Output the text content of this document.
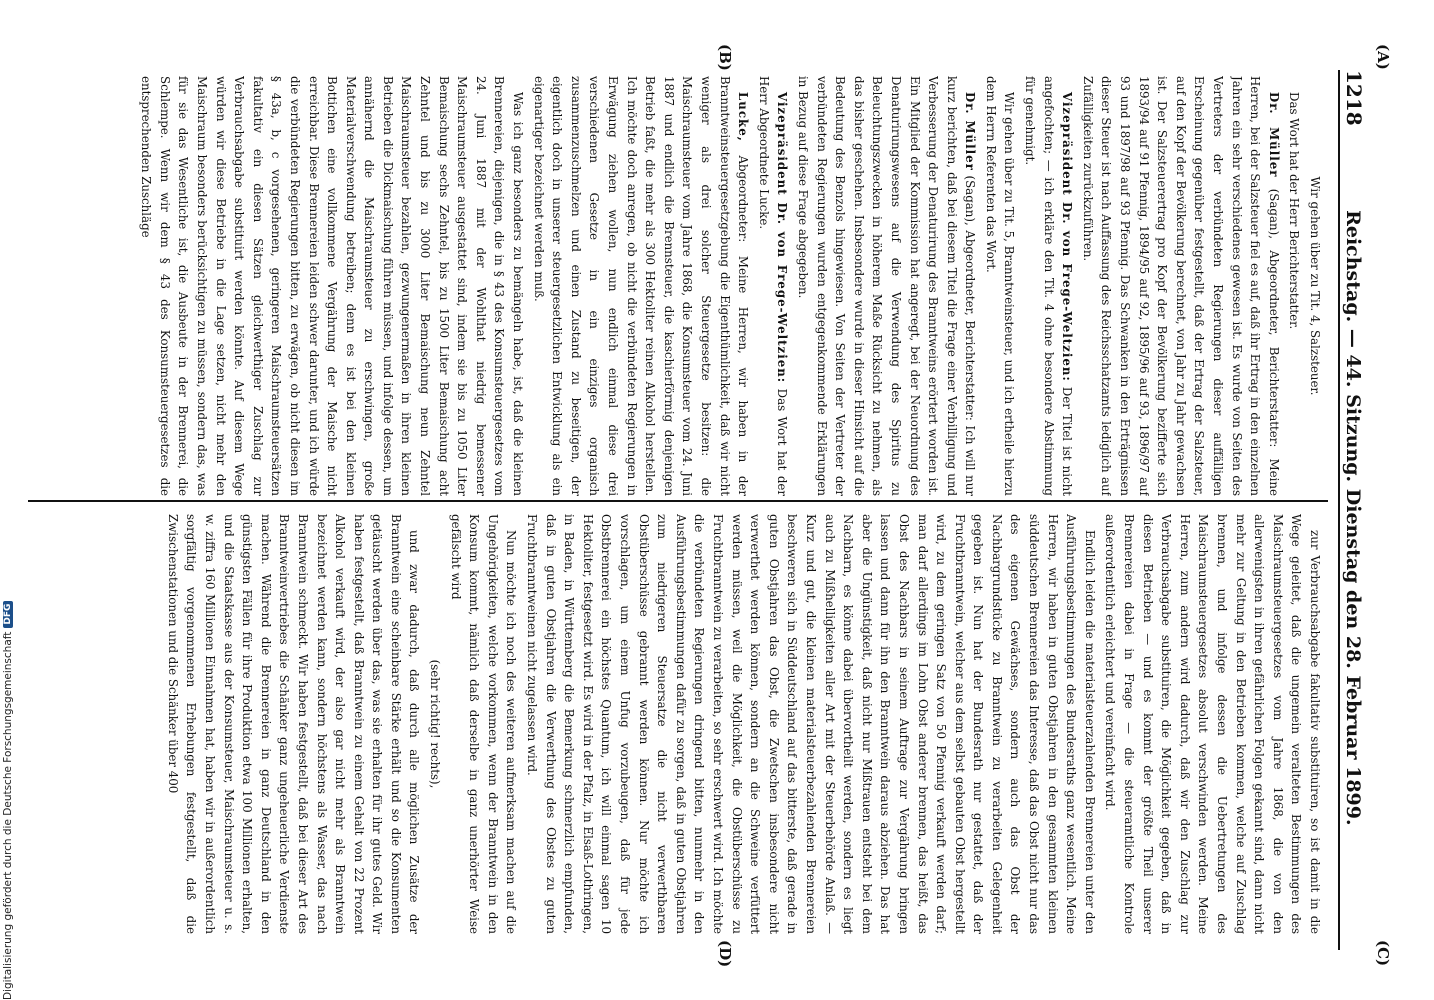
1218
Reichstag. — 44. Sitzung. Dienstag den 28. Februar 1899.
(A)
(B)
(C)
(D)

Wir gehen über zu Tit. 4, Salzsteuer.

Das Wort hat der Herr Berichterstatter.

Dr. Müller (Sagan), Abgeordneter, Berichterstatter: Meine Herren, bei der Salzsteuer fiel es auf, daß ihr Ertrag in den einzelnen Jahren ein sehr verschiedenes gewesen ist. Es wurde von Seiten des Vertreters der verbündeten Regierungen dieser auffälligen Erscheinung gegenüber festgestellt, daß der Ertrag der Salzsteuer, auf den Kopf der Bevölkerung berechnet, von Jahr zu Jahr gewachsen ist. Der Salzsteuerertrag pro Kopf der Bevölkerung bezifferte sich 1893/94 auf 91 Pfennig, 1894/95 auf 92, 1895/96 auf 93, 1896/97 auf 93 und 1897/98 auf 93 Pfennig. Das Schwanken in den Erträgnissen dieser Steuer ist nach Auffassung des Reichsschatzamts lediglich auf Zufälligkeiten zurückzuführen.

Vizepräsident Dr. von Frege-Weltzien: Der Titel ist nicht angefochten; — ich erkläre den Tit. 4 ohne besondere Abstimmung für genehmigt.

Wir gehen über zu Tit. 5, Branntweinsteuer, und ich ertheile hierzu dem Herrn Referenten das Wort.

Dr. Müller (Sagan), Abgeordneter, Berichterstatter: Ich will nur kurz berichten, daß bei diesem Titel die Frage einer Verbilligung und Verbesserung der Denaturirung des Branntweins erörtert worden ist. Ein Mitglied der Kommission hat angeregt, bei der Neuordnung des Denaturirungswesens auf die Verwendung des Spiritus zu Beleuchtungszwecken in höherem Maße Rücksicht zu nehmen, als das bisher geschehen. Insbesondere wurde in dieser Hinsicht auf die Bedeutung des Benzols hingewiesen. Von Seiten der Vertreter der verbündeten Regierungen wurden entgegenkommende Erklärungen in Bezug auf diese Frage abgegeben.

Vizepräsident Dr. von Frege-Weltzien: Das Wort hat der Herr Abgeordnete Lucke.

Lucke, Abgeordneter: Meine Herren, wir haben in der Branntweinsteuergesetzgebung die Eigenthümlichkeit, daß wir nicht weniger als drei solcher Steuergesetze besitzen: die Maischraumsteuer vom Jahre 1868, die Konsumsteuer vom 24. Juni 1887 und endlich die Brennsteuer, die kaschierförmig denjenigen Betrieb faßt, die mehr als 300 Hektoliter reinen Alkohol herstellen. Ich möchte doch anregen, ob nicht die verbündeten Regierungen in Erwägung ziehen wollen, nun endlich einmal diese drei verschiedenen Gesetze in ein einziges organisch zusammenzuschmelzen und einen Zustand zu beseitigen, der eigentlich doch in unserer steuergesetzlichen Entwicklung als ein eigenartiger bezeichnet werden muß.

Was ich ganz besonders zu bemängeln habe, ist, daß die kleinen Brennereien, diejenigen, die in § 43 des Konsumsteuergesetzes vom 24. Juni 1887 mit der Wohlthat niedrig bemessener Maischraumsteuer ausgestattet sind, indem sie bis zu 1050 Liter Bemaischung sechs Zehntel, bis zu 1500 Liter Bemaischung acht Zehntel und bis zu 3000 Liter Bemaischung neun Zehntel Maischraumsteuer bezahlen, gezwungenermaßen in ihren kleinen Betrieben die Dickmaischung führen müssen, und infolge dessen, um annähernd die Maischraumsteuer zu erschwingen, große Materialverschwendung betreiben; denn es ist bei den kleinen Bottichen eine vollkommene Vergährung der Maische nicht erreichbar. Diese Brennereien leiden schwer darunter, und ich würde die verbündeten Regierungen bitten, zu erwägen, ob nicht diesen im § 43a, b, c vorgesehenen, geringeren Maischraumsteuersätzen fakultativ ein diesen Sätzen gleichwerthiger Zuschlag zur Verbrauchsabgabe substituirt werden könnte. Auf diesem Wege würden wir diese Betriebe in die Lage setzen, nicht mehr den Maischraum besonders berücksichtigen zu müssen, sondern das, was für sie das Wesentliche ist, die Ausbeute in der Brennerei, die Schlempe. Wenn wir dem § 43 des Konsumsteuergesetzes die entsprechenden Zuschläge

zur Verbrauchsabgabe fakultativ substituiren, so ist damit in die Wege geleitet, daß die ungemein veralteten Bestimmungen des Maischraumsteuergesetzes vom Jahre 1868, die von den allerwenigsten in ihren gefährlichen Folgen gekannt sind, dann nicht mehr zur Geltung in den Betrieben kommen, welche auf Zuschlag brennen, und infolge dessen die Uebertretungen des Maischraumsteuergesetzes absolut verschwinden werden. Meine Herren, zum andern wird dadurch, daß wir den Zuschlag zur Verbrauchsabgabe substituiren, die Möglichkeit gegeben, daß in diesen Betrieben — und es kommt der größte Theil unserer Brennereien dabei in Frage — die steueramtliche Kontrole außerordentlich erleichtert und vereinfacht wird.

Endlich leiden die materialsteuerzahlenden Brennereien unter den Ausführungsbestimmungen des Bundesraths ganz wesentlich. Meine Herren, wir haben in guten Obstjahren in den gesammten kleinen süddeutschen Brennereien das Interesse, daß das Obst nicht nur das des eigenen Gewächses, sondern auch das Obst der Nachbargrundstücke zu Branntwein zu verarbeiten Gelegenheit gegeben ist. Nun hat der Bundesrath nur gestattet, daß der Fruchtbranntwein, welcher aus dem selbst gebauten Obst hergestellt wird, zu dem geringen Satz von 50 Pfennig verkauft werden darf; man darf allerdings im Lohn Obst anderer brennen, das heißt, das Obst des Nachbars in seinem Auftrage zur Vergährung bringen lassen und dann für ihn den Branntwein daraus abziehen. Das hat aber die Ungünstigkeit, daß nicht nur Mißtrauen entsteht bei dem Nachbarn, es könne dabei übervortheilt werden, sondern es liegt auch zu Mißhelligkeiten aller Art mit der Steuerbehörde Anlaß. — Kurz und gut, die kleinen materialsteuerbezahlenden Brennereien beschweren sich in Süddeutschland auf das bitterste, daß gerade in guten Obstjahren das Obst, die Zwetschen insbesondere nicht verwerthet werden können, sondern an die Schweine verfüttert werden müssen, weil die Möglichkeit, die Obstüberschüsse zu Fruchtbranntwein zu verarbeiten, so sehr erschwert wird. Ich möchte die verbündeten Regierungen dringend bitten, nunmehr in den Ausführungsbestimmungen dafür zu sorgen, daß in guten Obstjahren zum niedrigeren Steuersatze die nicht verwerthbaren Obstüberschüsse gebrannt werden können. Nur möchte ich vorschlagen, um einem Unfug vorzubeugen, daß für jede Obstbrennerei ein höchstes Quantum, ich will einmal sagen 10 Hektoliter, festgesetzt wird. Es wird in der Pfalz, in Elsaß-Lothringen, in Baden, in Württemberg die Bemerkung schmerzlich empfunden, daß in guten Obstjahren die Verwerthung des Obstes zu guten Fruchtbranntweinen nicht zugelassen wird.

Nun möchte ich noch des weiteren aufmerksam machen auf die Ungehörigkeiten, welche vorkommen, wenn der Branntwein in den Konsum kommt, nämlich daß derselbe in ganz unerhörter Weise gefälscht wird

(sehr richtig! rechts),

und zwar dadurch, daß durch alle möglichen Zusätze der Branntwein eine scheinbare Stärke erhält und so die Konsumenten getäuscht werden über das, was sie erhalten für ihr gutes Geld. Wir haben festgestellt, daß Branntwein zu einem Gehalt von 22 Prozent Alkohol verkauft wird, der also gar nicht mehr als Branntwein bezeichnet werden kann, sondern höchstens als Wasser, das nach Branntwein schmeckt. Wir haben festgestellt, daß bei dieser Art des Branntweinvertriebes die Schänker ganz ungeheuerliche Verdienste machen. Während die Brennereien in ganz Deutschland in den günstigsten Fällen für ihre Produktion etwa 100 Millionen erhalten, und die Staatskasse aus der Konsumsteuer, Maischraumsteuer u. s. w. ziffra 160 Millionen Einnahmen hat, haben wir in außerordentlich sorgfältig vorgenommenen Erhebungen festgestellt, daß die Zwischenstationen und die Schänker über 400

Digitalisierung gefördert durch die Deutsche Forschungsgemeinschaft
DFG
